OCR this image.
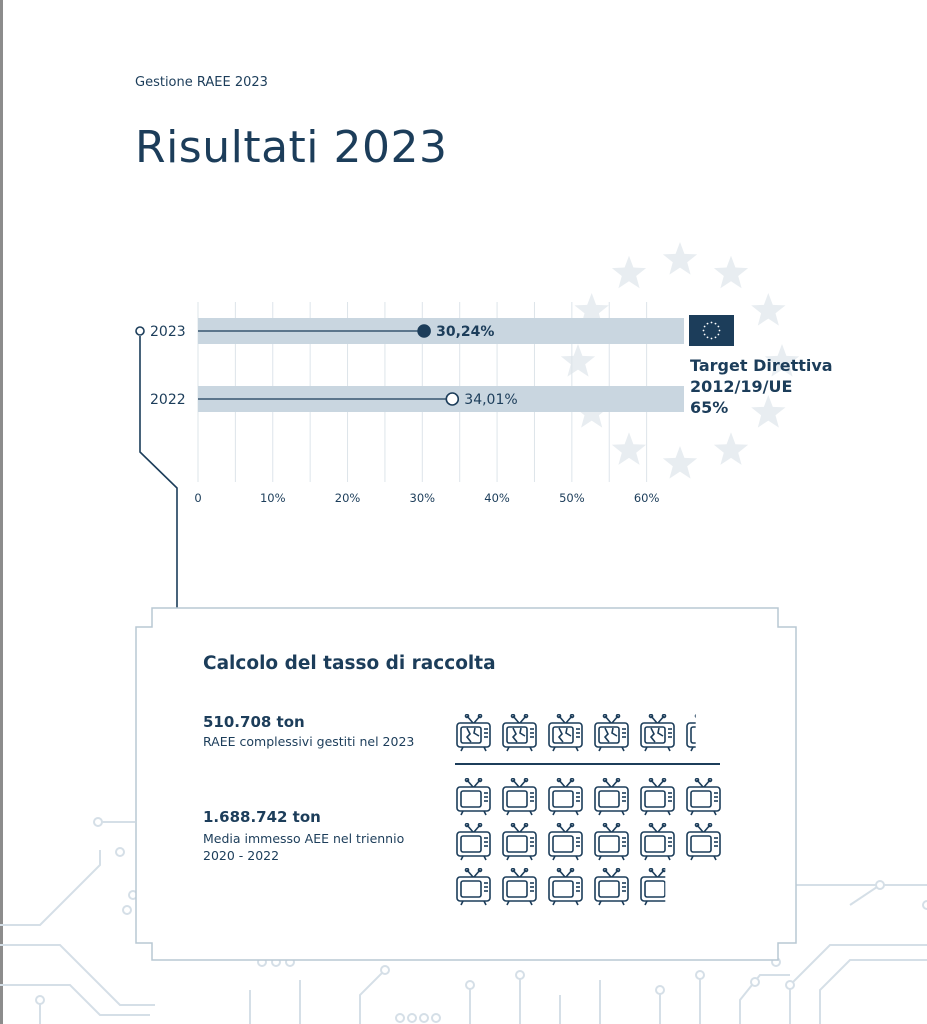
Gestione RAEE 2023
Risultati 2023
30,24%
2023
34,01%
2022
0	10%	20%	30%	40%	50%	60%
Target Direttiva
2012/19/UE
65%
Calcolo del tasso di raccolta
510.708 ton
RAEE complessivi gestiti nel 2023
1.688.742 ton
Media immesso AEE nel triennio
2020 - 2022
